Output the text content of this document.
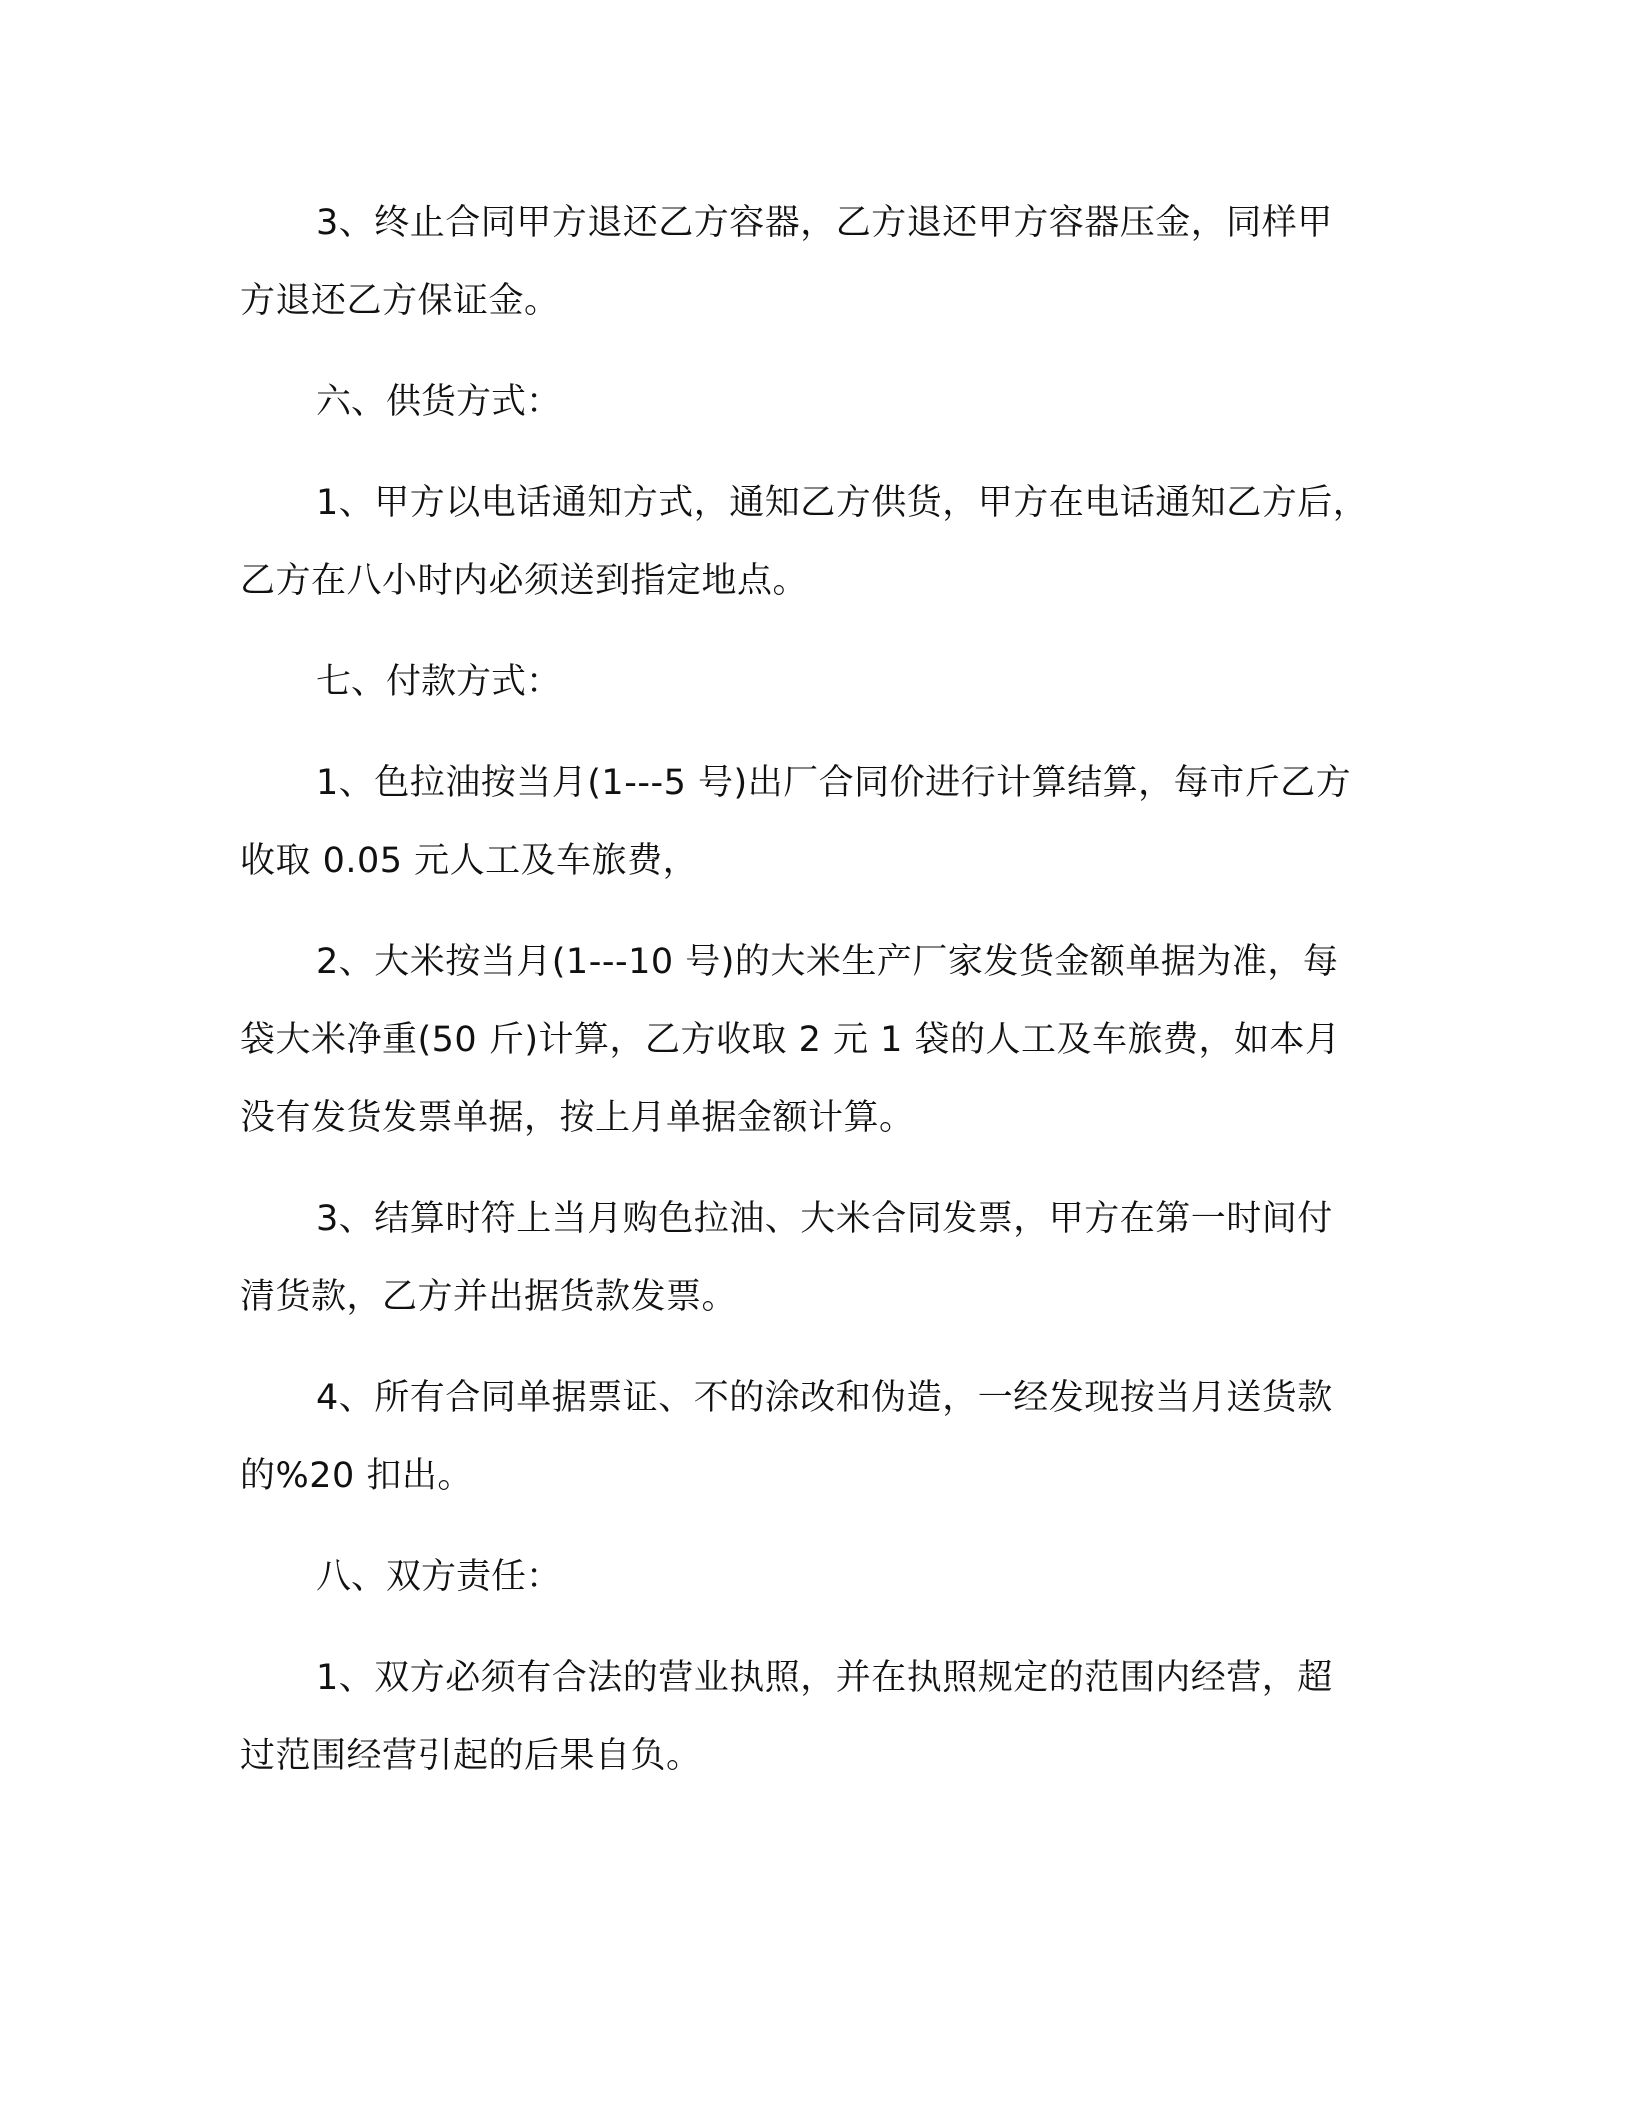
3、终止合同甲方退还乙方容器，乙方退还甲方容器压金，同样甲
方退还乙方保证金。
六、供货方式：
1、甲方以电话通知方式，通知乙方供货，甲方在电话通知乙方后，
乙方在八小时内必须送到指定地点。
七、付款方式：
1、色拉油按当月(1---5 号)出厂合同价进行计算结算，每市斤乙方
收取 0.05 元人工及车旅费，
2、大米按当月(1---10 号)的大米生产厂家发货金额单据为准，每
袋大米净重(50 斤)计算，乙方收取 2 元 1 袋的人工及车旅费，如本月
没有发货发票单据，按上月单据金额计算。
3、结算时符上当月购色拉油、大米合同发票，甲方在第一时间付
清货款，乙方并出据货款发票。
4、所有合同单据票证、不的涂改和伪造，一经发现按当月送货款
的%20 扣出。
八、双方责任：
1、双方必须有合法的营业执照，并在执照规定的范围内经营，超
过范围经营引起的后果自负。
